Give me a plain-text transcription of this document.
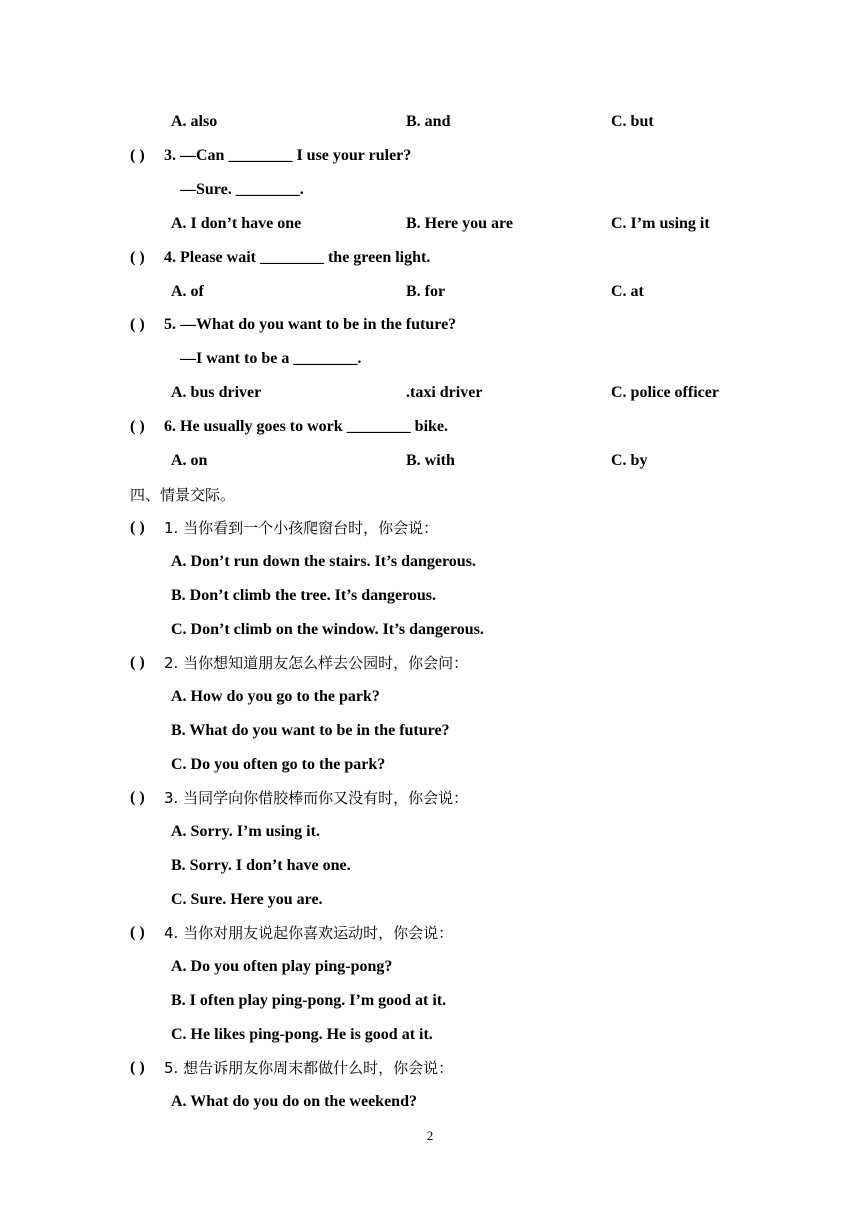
A. also	B. and	C. but
( ) 3. —Can ________ I use your ruler?
—Sure. ________.
A. I don’t have one	B. Here you are	C. I’m using it
( ) 4. Please wait ________ the green light.
A. of	B. for	C. at
( ) 5. —What do you want to be in the future?
—I want to be a ________.
A. bus driver	.taxi driver	C. police officer
( ) 6. He usually goes to work ________ bike.
A. on	B. with	C. by
四、情景交际。
( ) 1. 当你看到一个小孩爬窗台时，你会说：
A. Don’t run down the stairs. It’s dangerous.
B. Don’t climb the tree. It’s dangerous.
C. Don’t climb on the window. It’s dangerous.
( ) 2. 当你想知道朋友怎么样去公园时，你会问：
A. How do you go to the park?
B. What do you want to be in the future?
C. Do you often go to the park?
( ) 3. 当同学向你借胶棒而你又没有时，你会说：
A. Sorry. I’m using it.
B. Sorry. I don’t have one.
C. Sure. Here you are.
( ) 4. 当你对朋友说起你喜欢运动时，你会说：
A. Do you often play ping-pong?
B. I often play ping-pong. I’m good at it.
C. He likes ping-pong. He is good at it.
( ) 5. 想告诉朋友你周末都做什么时，你会说：
A. What do you do on the weekend?
2
